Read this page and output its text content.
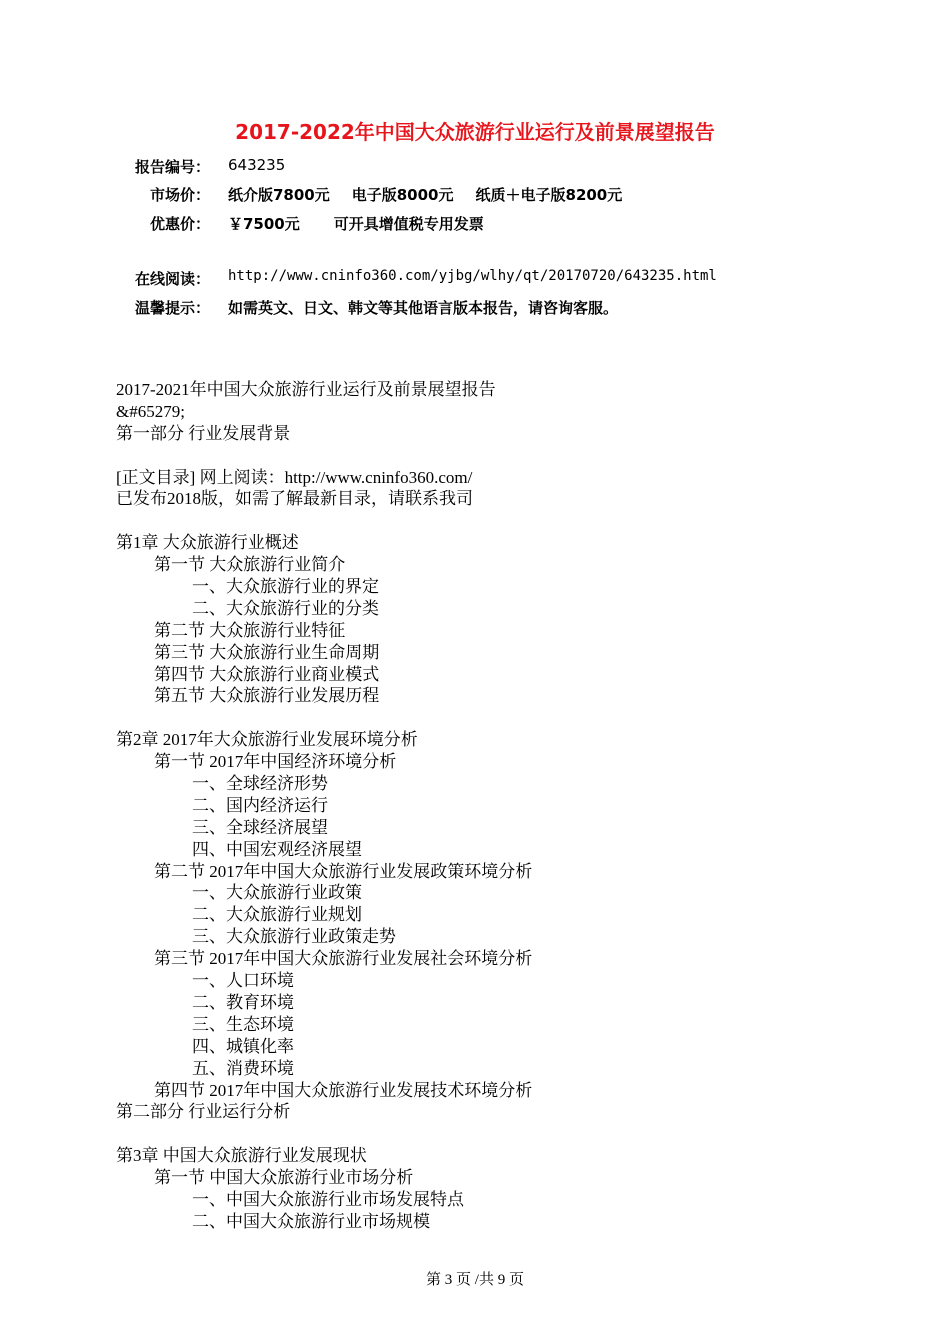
2017-2022年中国大众旅游行业运行及前景展望报告
报告编号： 643235
市场价： 纸介版7800元 电子版8000元 纸质＋电子版8200元
优惠价： ￥7500元 可开具增值税专用发票
在线阅读： http://www.cninfo360.com/yjbg/wlhy/qt/20170720/643235.html
温馨提示： 如需英文、日文、韩文等其他语言版本报告，请咨询客服。
2017-2021年中国大众旅游行业运行及前景展望报告
&#65279;
第一部分 行业发展背景
[正文目录] 网上阅读：http://www.cninfo360.com/
已发布2018版，如需了解最新目录，请联系我司
第1章 大众旅游行业概述
第一节 大众旅游行业简介
一、大众旅游行业的界定
二、大众旅游行业的分类
第二节 大众旅游行业特征
第三节 大众旅游行业生命周期
第四节 大众旅游行业商业模式
第五节 大众旅游行业发展历程
第2章 2017年大众旅游行业发展环境分析
第一节 2017年中国经济环境分析
一、全球经济形势
二、国内经济运行
三、全球经济展望
四、中国宏观经济展望
第二节 2017年中国大众旅游行业发展政策环境分析
一、大众旅游行业政策
二、大众旅游行业规划
三、大众旅游行业政策走势
第三节 2017年中国大众旅游行业发展社会环境分析
一、人口环境
二、教育环境
三、生态环境
四、城镇化率
五、消费环境
第四节 2017年中国大众旅游行业发展技术环境分析
第二部分 行业运行分析
第3章 中国大众旅游行业发展现状
第一节 中国大众旅游行业市场分析
一、中国大众旅游行业市场发展特点
二、中国大众旅游行业市场规模
第 3 页 /共 9 页
